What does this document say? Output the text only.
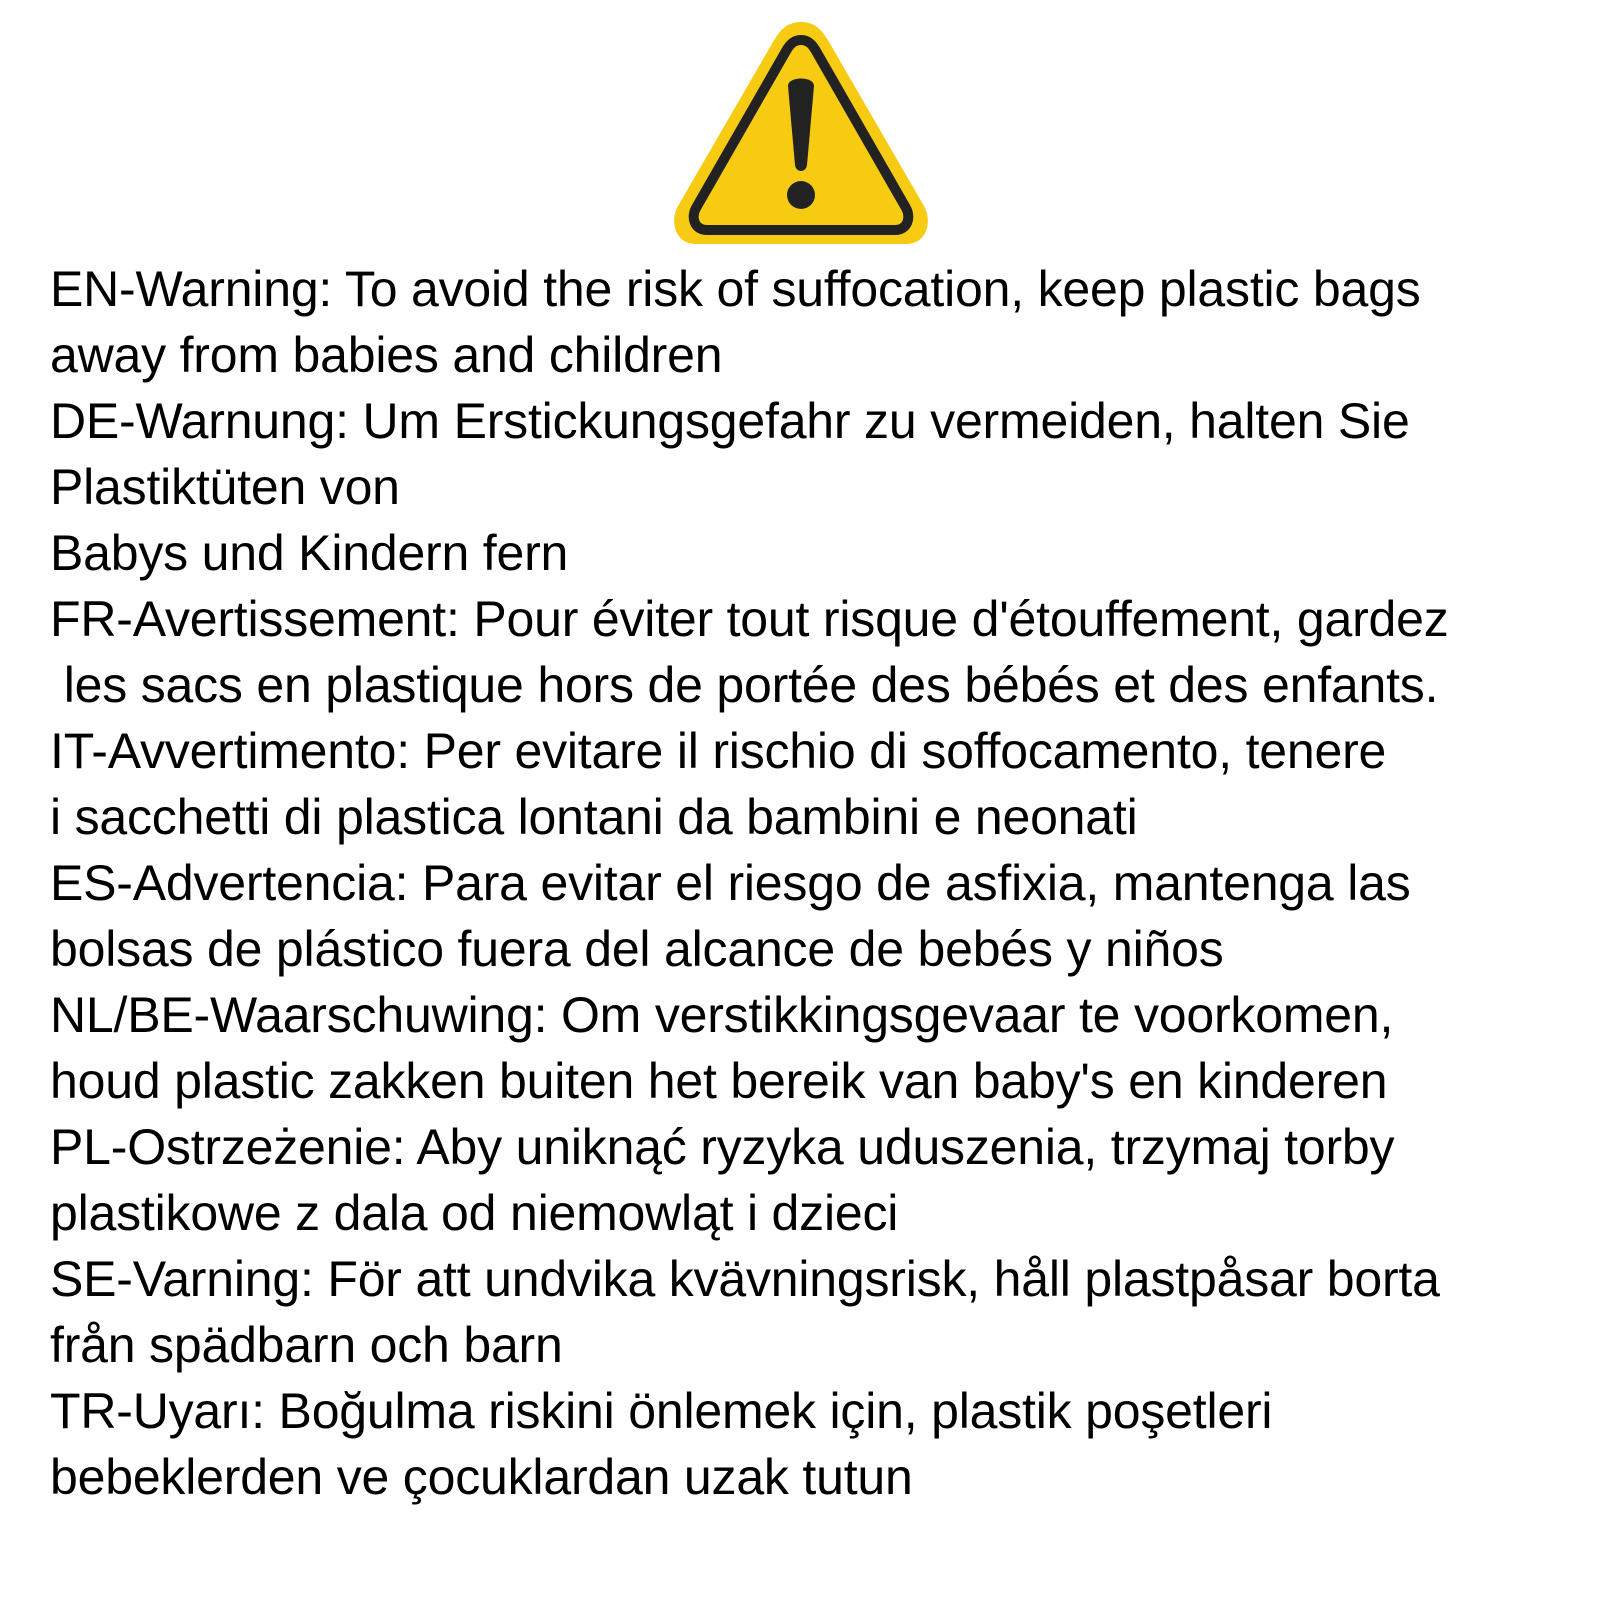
EN-Warning: To avoid the risk of suffocation, keep plastic bags
away from babies and children
DE-Warnung: Um Erstickungsgefahr zu vermeiden, halten Sie
Plastiktüten von
Babys und Kindern fern
FR-Avertissement: Pour éviter tout risque d'étouffement, gardez
les sacs en plastique hors de portée des bébés et des enfants.
IT-Avvertimento: Per evitare il rischio di soffocamento, tenere
i sacchetti di plastica lontani da bambini e neonati
ES-Advertencia: Para evitar el riesgo de asfixia, mantenga las
bolsas de plástico fuera del alcance de bebés y niños
NL/BE-Waarschuwing: Om verstikkingsgevaar te voorkomen,
houd plastic zakken buiten het bereik van baby's en kinderen
PL-Ostrzeżenie: Aby uniknąć ryzyka uduszenia, trzymaj torby
plastikowe z dala od niemowląt i dzieci
SE-Varning: För att undvika kvävningsrisk, håll plastpåsar borta
från spädbarn och barn
TR-Uyarı: Boğulma riskini önlemek için, plastik poşetleri
bebeklerden ve çocuklardan uzak tutun
